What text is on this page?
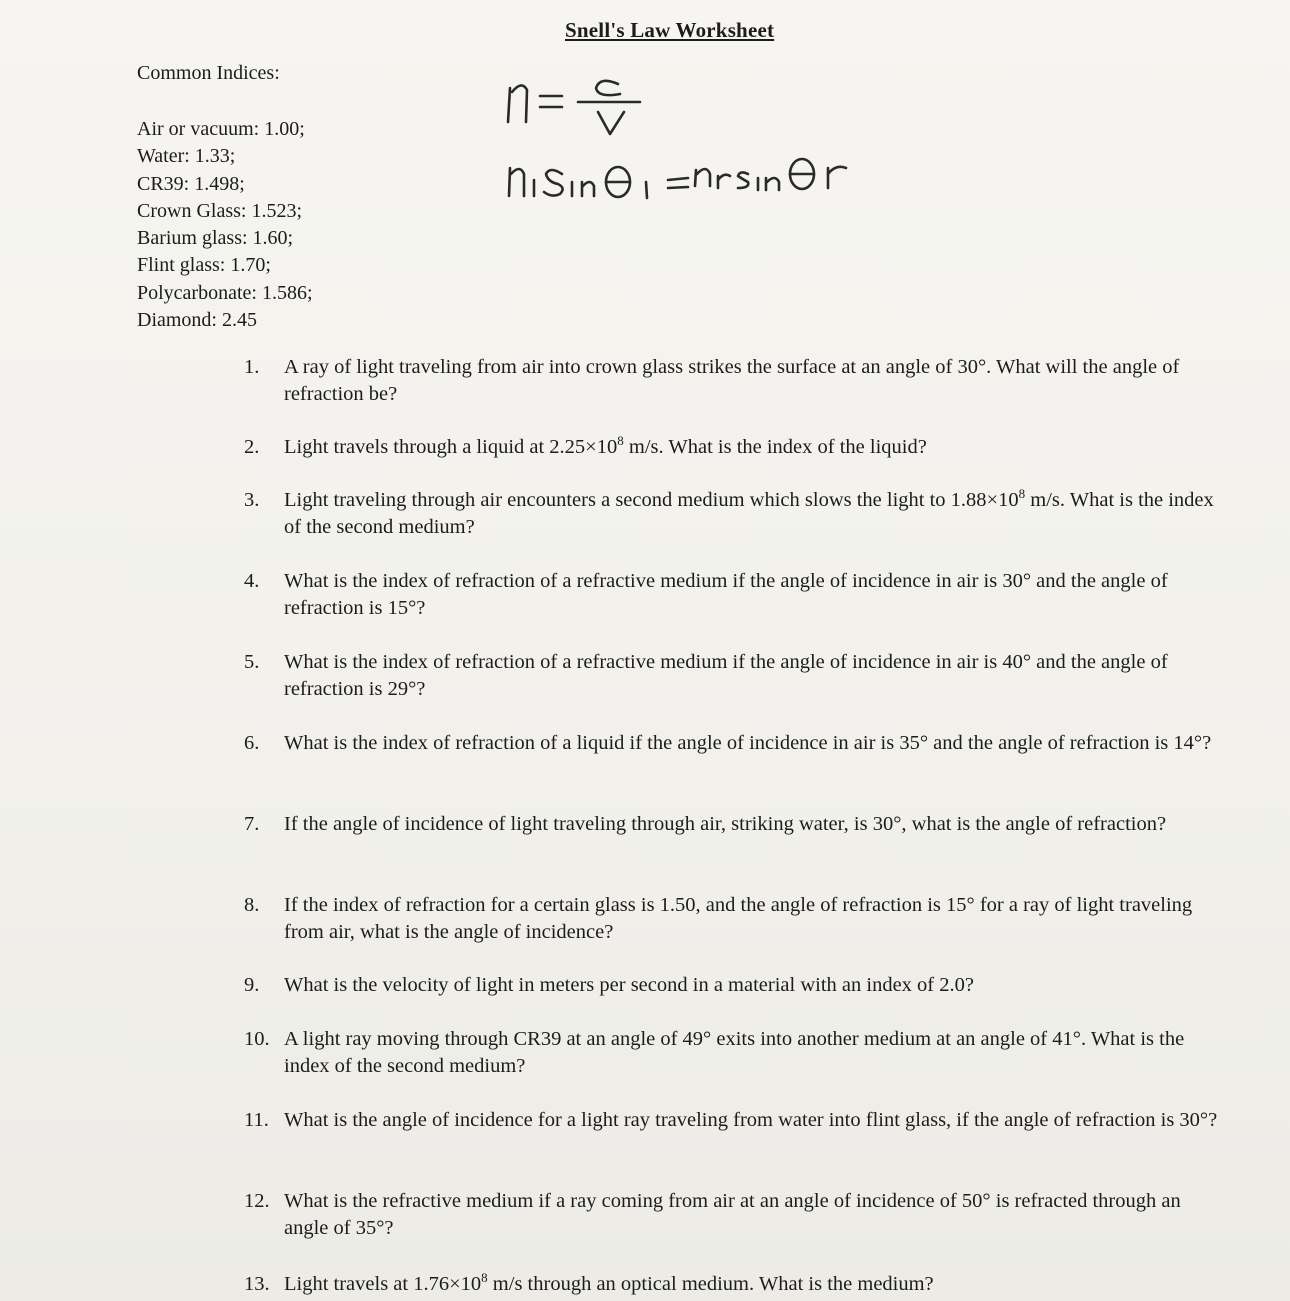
Snell's Law Worksheet
Common Indices:
Air or vacuum: 1.00;
Water: 1.33;
CR39: 1.498;
Crown Glass: 1.523;
Barium glass: 1.60;
Flint glass: 1.70;
Polycarbonate: 1.586;
Diamond: 2.45
1.	A ray of light traveling from air into crown glass strikes the surface at an angle of 30°. What will the angle of refraction be?
2.	Light travels through a liquid at $2.25\times 10^8$ m/s. What is the index of the liquid?
3.	Light traveling through air encounters a second medium which slows the light to $1.88\times 10^8$ m/s. What is the index of the second medium?
4.	What is the index of refraction of a refractive medium if the angle of incidence in air is 30° and the angle of refraction is 15°?
5.	What is the index of refraction of a refractive medium if the angle of incidence in air is 40° and the angle of refraction is 29°?
6.	What is the index of refraction of a liquid if the angle of incidence in air is 35° and the angle of refraction is 14°?
7.	If the angle of incidence of light traveling through air, striking water, is 30°, what is the angle of refraction?
8.	If the index of refraction for a certain glass is 1.50, and the angle of refraction is 15° for a ray of light traveling from air, what is the angle of incidence?
9.	What is the velocity of light in meters per second in a material with an index of 2.0?
10. A light ray moving through CR39 at an angle of 49° exits into another medium at an angle of 41°. What is the index of the second medium?
11. What is the angle of incidence for a light ray traveling from water into flint glass, if the angle of refraction is 30°?
12. What is the refractive medium if a ray coming from air at an angle of incidence of 50° is refracted through an angle of 35°?
13. Light travels at $1.76\times 10^8$ m/s through an optical medium. What is the medium?
